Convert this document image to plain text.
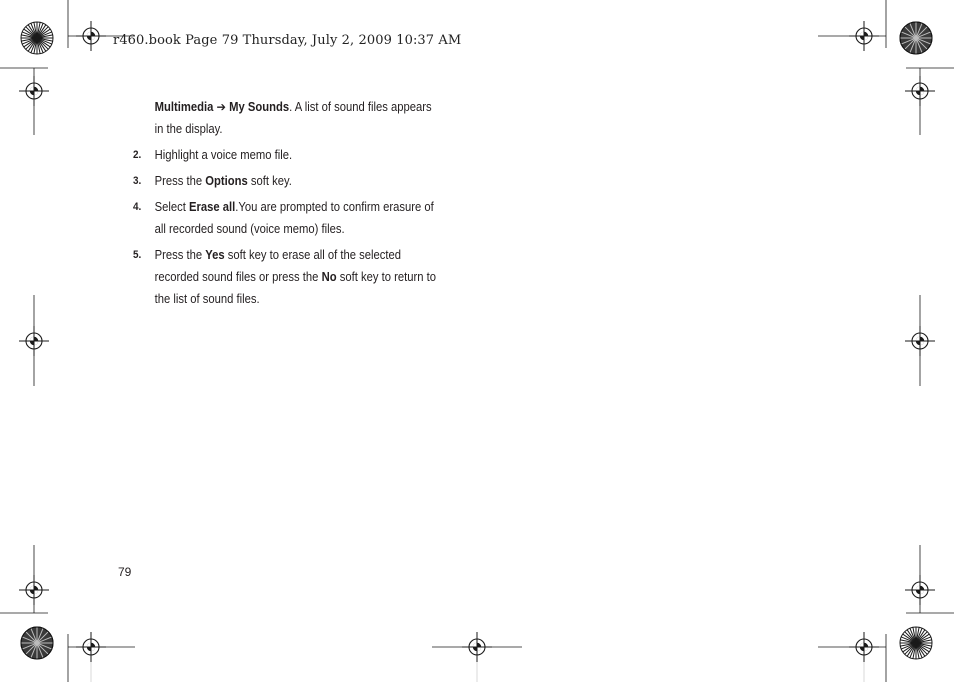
r460.book Page 79 Thursday, July 2, 2009 10:37 AM

Multimedia ➔ My Sounds. A list of sound files appears in the display.

2. Highlight a voice memo file.
3. Press the Options soft key.
4. Select Erase all.You are prompted to confirm erasure of all recorded sound (voice memo) files.
5. Press the Yes soft key to erase all of the selected recorded sound files or press the No soft key to return to the list of sound files.
79
